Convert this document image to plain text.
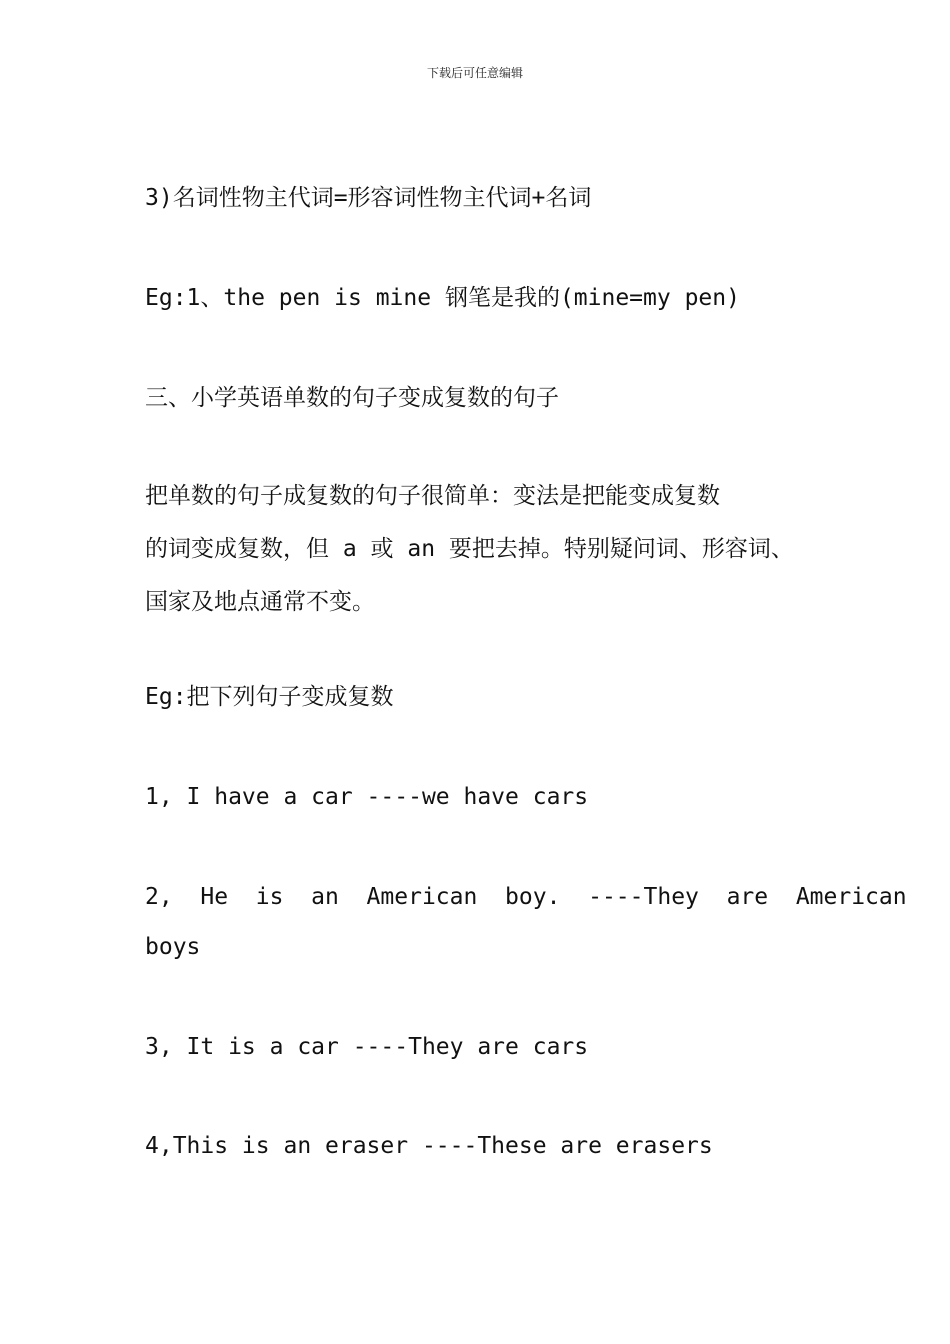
下载后可任意编辑
3)名词性物主代词=形容词性物主代词+名词
Eg:1、the pen is mine 钢笔是我的(mine=my pen)
三、小学英语单数的句子变成复数的句子
把单数的句子成复数的句子很简单：变法是把能变成复数
的词变成复数，但 a 或 an 要把去掉。特别疑问词、形容词、
国家及地点通常不变。
Eg:把下列句子变成复数
1, I have a car ----we have cars
2,  He  is  an  American  boy.  ----They  are  American
boys
3, It is a car ----They are cars
4,This is an eraser ----These are erasers
